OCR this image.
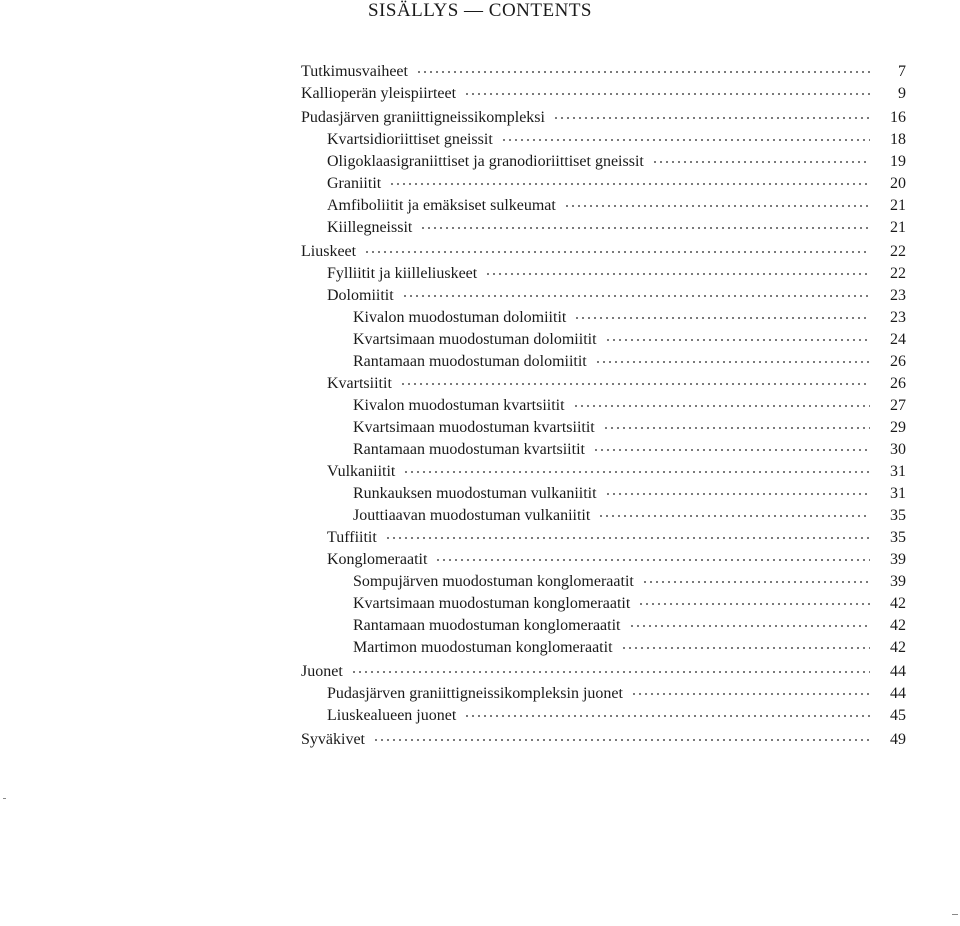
SISÄLLYS — CONTENTS
Tutkimusvaiheet	7
Kallioperän yleispiirteet	9
Pudasjärven graniittigneissikompleksi	16
Kvartsidioriittiset gneissit	18
Oligoklaasigraniittiset ja granodioriittiset gneissit	19
Graniitit	20
Amfiboliitit ja emäksiset sulkeumat	21
Kiillegneissit	21
Liuskeet	22
Fylliitit ja kiilleliuskeet	22
Dolomiitit	23
Kivalon muodostuman dolomiitit	23
Kvartsimaan muodostuman dolomiitit	24
Rantamaan muodostuman dolomiitit	26
Kvartsiitit	26
Kivalon muodostuman kvartsiitit	27
Kvartsimaan muodostuman kvartsiitit	29
Rantamaan muodostuman kvartsiitit	30
Vulkaniitit	31
Runkauksen muodostuman vulkaniitit	31
Jouttiaavan muodostuman vulkaniitit	35
Tuffiitit	35
Konglomeraatit	39
Sompujärven muodostuman konglomeraatit	39
Kvartsimaan muodostuman konglomeraatit	42
Rantamaan muodostuman konglomeraatit	42
Martimon muodostuman konglomeraatit	42
Juonet	44
Pudasjärven graniittigneissikompleksin juonet	44
Liuskealueen juonet	45
Syväkivet	49
